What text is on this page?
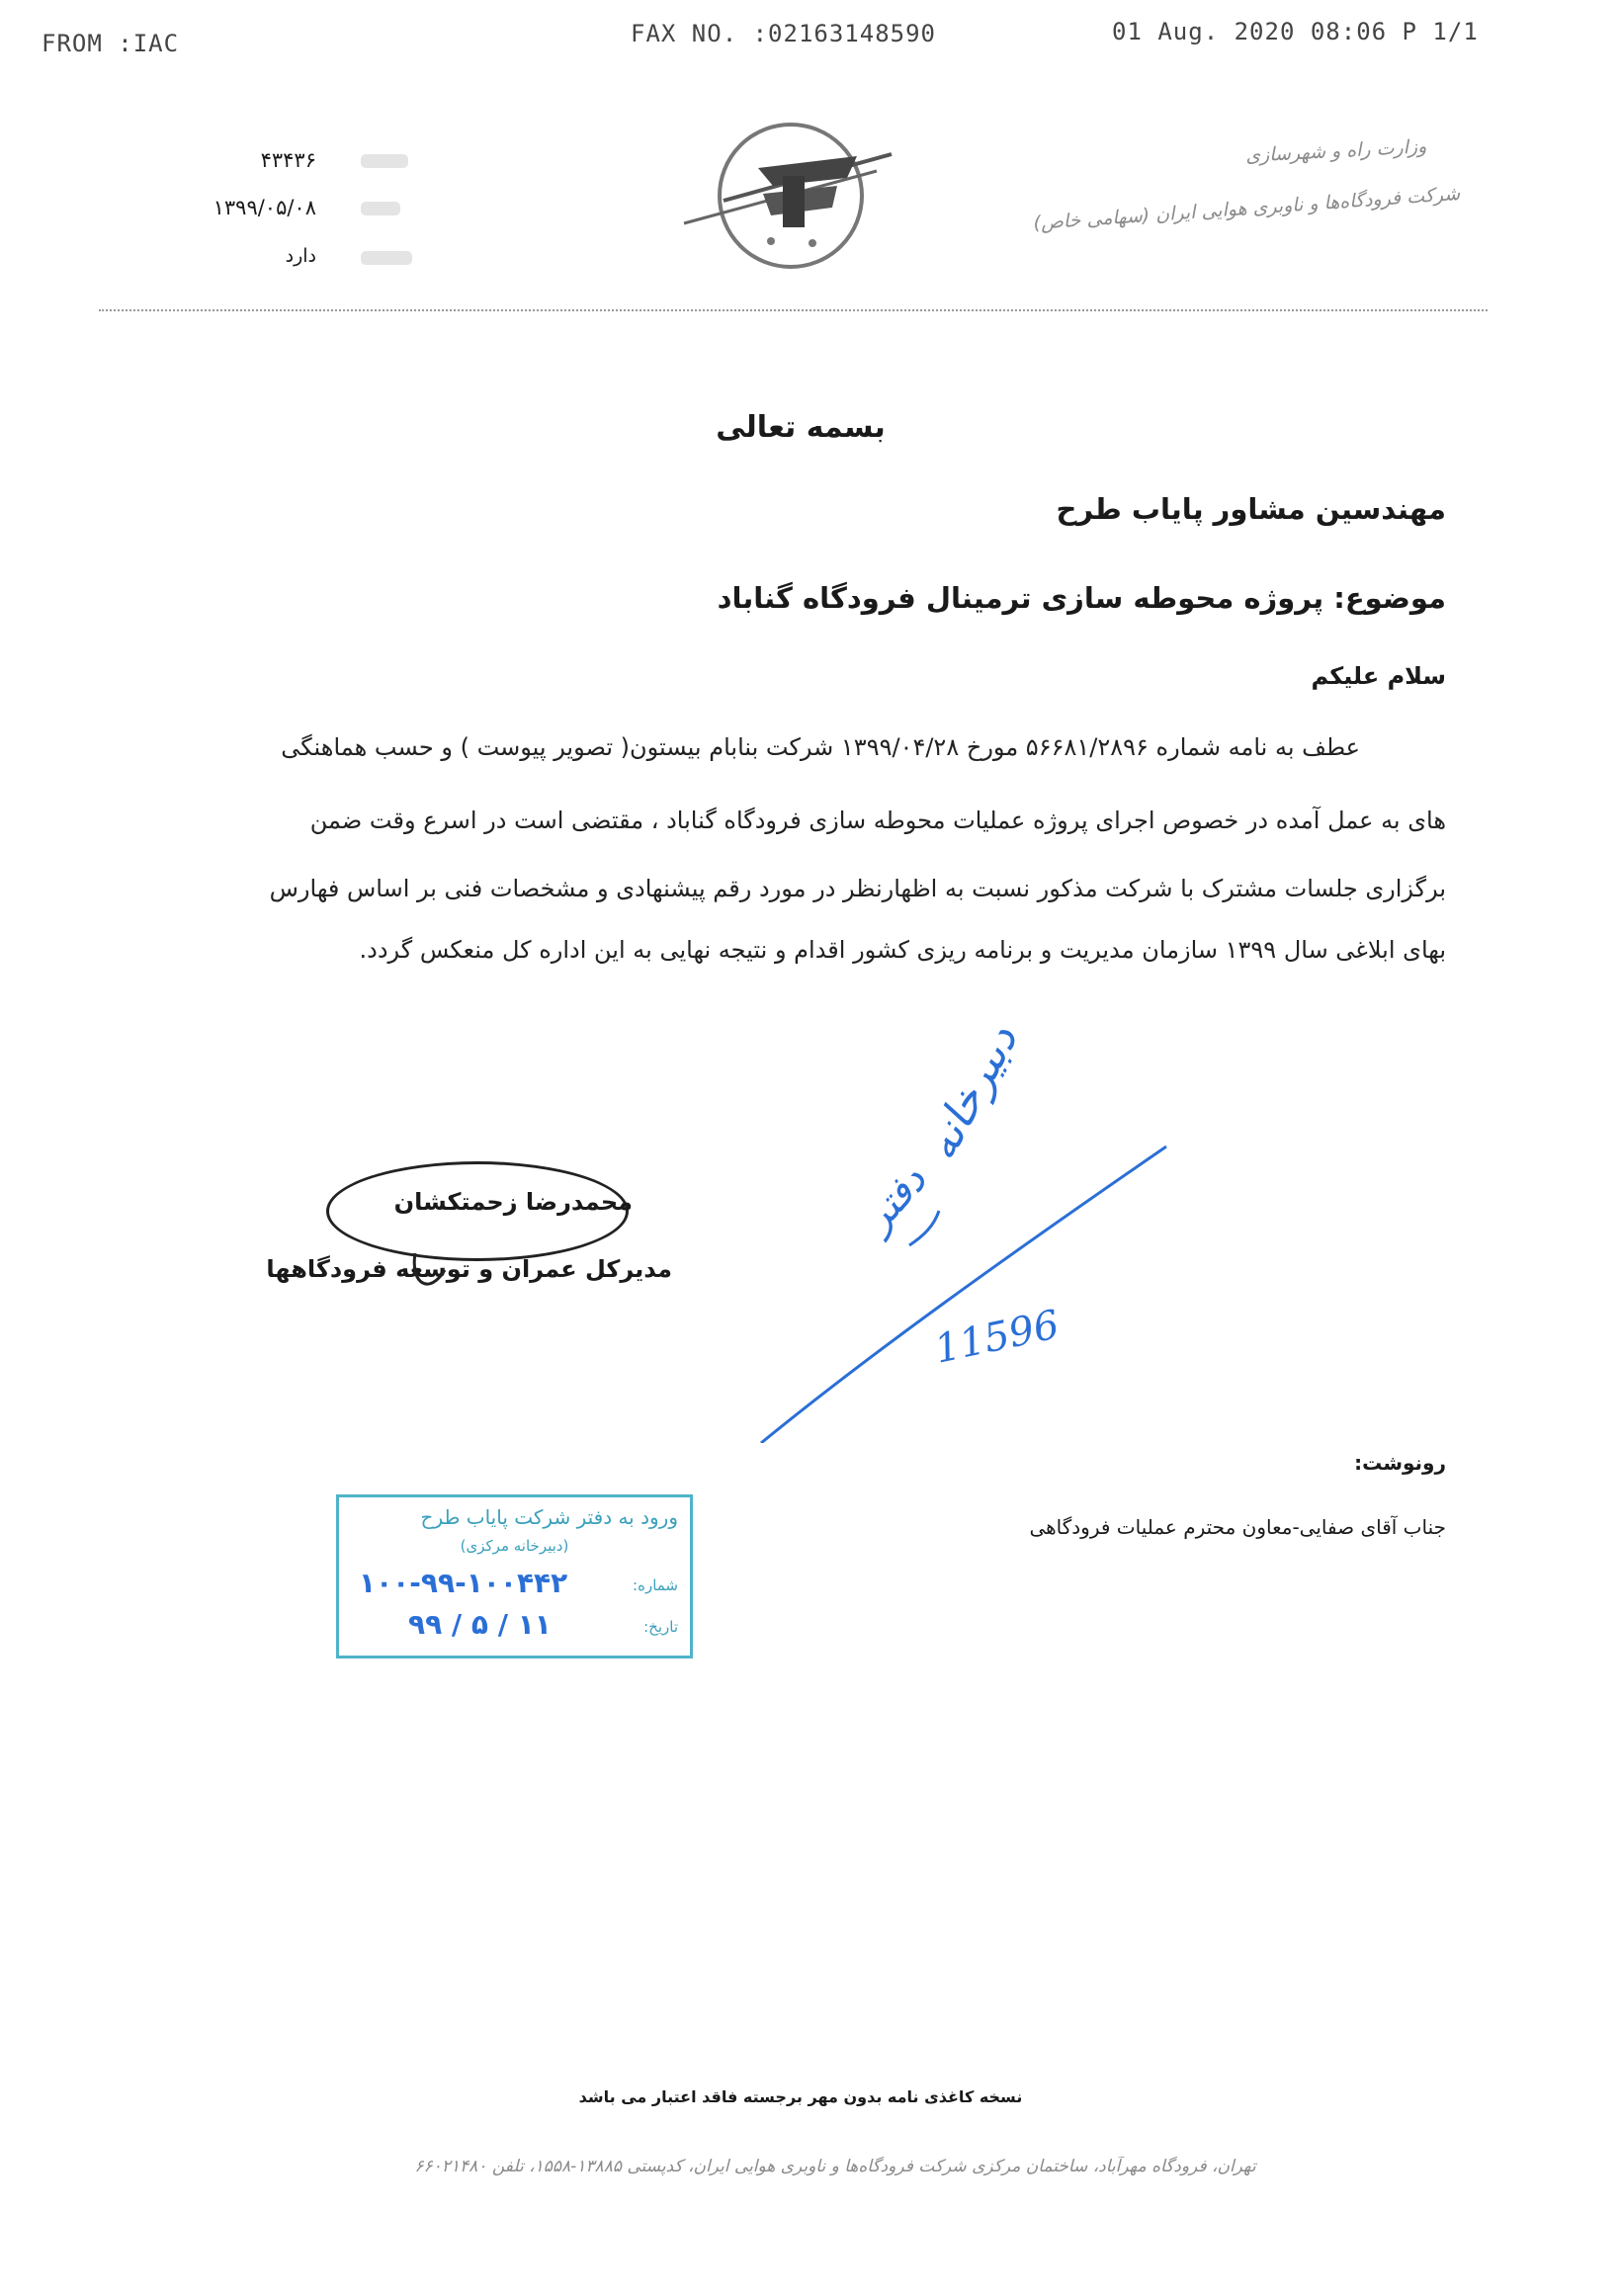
FROM :IAC	FAX NO. :02163148590	01 Aug. 2020 08:06 P 1/1
۴۳۴۳۶
۱۳۹۹/۰۵/۰۸
دارد
وزارت راه و شهرسازی
شرکت فرودگاه‌ها و ناوبری هوایی ایران (سهامی خاص)
بسمه تعالی
مهندسین مشاور پایاب طرح
موضوع: پروژه محوطه سازی ترمینال فرودگاه گناباد
سلام علیکم
عطف به نامه شماره ۵۶۶۸۱/۲۸۹۶ مورخ ۱۳۹۹/۰۴/۲۸ شرکت بنابام بیستون( تصویر پیوست ) و حسب هماهنگی
های به عمل آمده در خصوص اجرای پروژه عملیات محوطه سازی فرودگاه گناباد ، مقتضی است در اسرع وقت ضمن
برگزاری جلسات مشترک با شرکت مذکور نسبت به اظهارنظر در مورد رقم پیشنهادی و مشخصات فنی بر اساس فهارس
بهای ابلاغی سال ۱۳۹۹ سازمان مدیریت و برنامه ریزی کشور اقدام و نتیجه نهایی به این اداره کل منعکس گردد.
دبیرخانه
دفتر
11596
محمدرضا زحمتکشان
مدیرکل عمران و توسعه فرودگاهها
رونوشت:
جناب آقای صفایی-معاون محترم عملیات فرودگاهی
ورود به دفتر شرکت پایاب طرح
(دبیرخانه مرکزی)
شماره:
۱۰۰-۹۹-۱۰۰۴۴۲
تاریخ:
۹۹ / ۵ / ۱۱
نسخه کاغذی نامه بدون مهر برجسته فاقد اعتبار می باشد
تهران، فرودگاه مهرآباد، ساختمان مرکزی شرکت فرودگاه‌ها و ناوبری هوایی ایران، کدپستی ۱۳۸۸۵-۱۵۵۸، تلفن ۶۶۰۲۱۴۸۰
